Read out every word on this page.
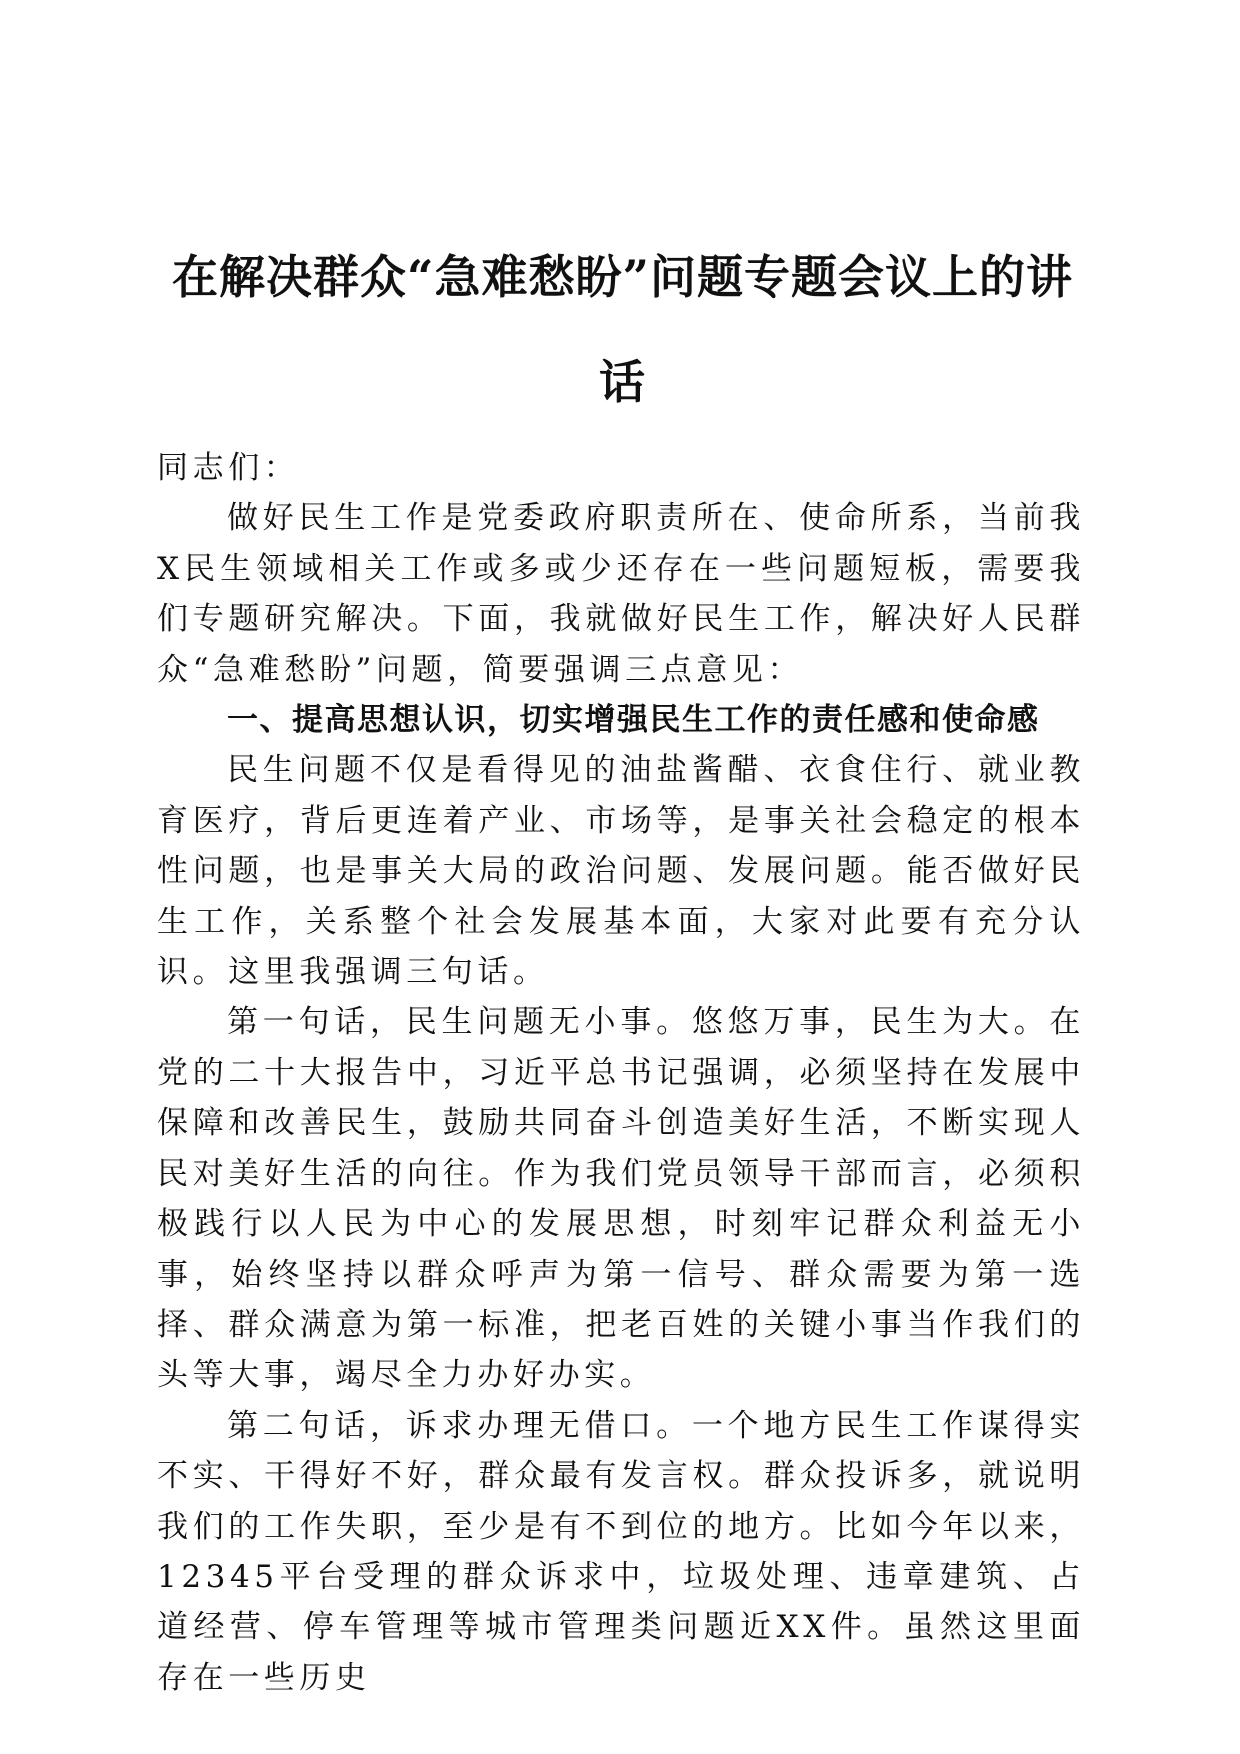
在解决群众“急难愁盼”问题专题会议上的讲话

同志们：

做好民生工作是党委政府职责所在、使命所系，当前我X民生领域相关工作或多或少还存在一些问题短板，需要我们专题研究解决。下面，我就做好民生工作，解决好人民群众“急难愁盼”问题，简要强调三点意见：

一、提高思想认识，切实增强民生工作的责任感和使命感

民生问题不仅是看得见的油盐酱醋、衣食住行、就业教育医疗，背后更连着产业、市场等，是事关社会稳定的根本性问题，也是事关大局的政治问题、发展问题。能否做好民生工作，关系整个社会发展基本面，大家对此要有充分认识。这里我强调三句话。

第一句话，民生问题无小事。悠悠万事，民生为大。在党的二十大报告中，习近平总书记强调，必须坚持在发展中保障和改善民生，鼓励共同奋斗创造美好生活，不断实现人民对美好生活的向往。作为我们党员领导干部而言，必须积极践行以人民为中心的发展思想，时刻牢记群众利益无小事，始终坚持以群众呼声为第一信号、群众需要为第一选择、群众满意为第一标准，把老百姓的关键小事当作我们的头等大事，竭尽全力办好办实。

第二句话，诉求办理无借口。一个地方民生工作谋得实不实、干得好不好，群众最有发言权。群众投诉多，就说明我们的工作失职，至少是有不到位的地方。比如今年以来，12345平台受理的群众诉求中，垃圾处理、违章建筑、占道经营、停车管理等城市管理类问题近XX件。虽然这里面存在一些历史
